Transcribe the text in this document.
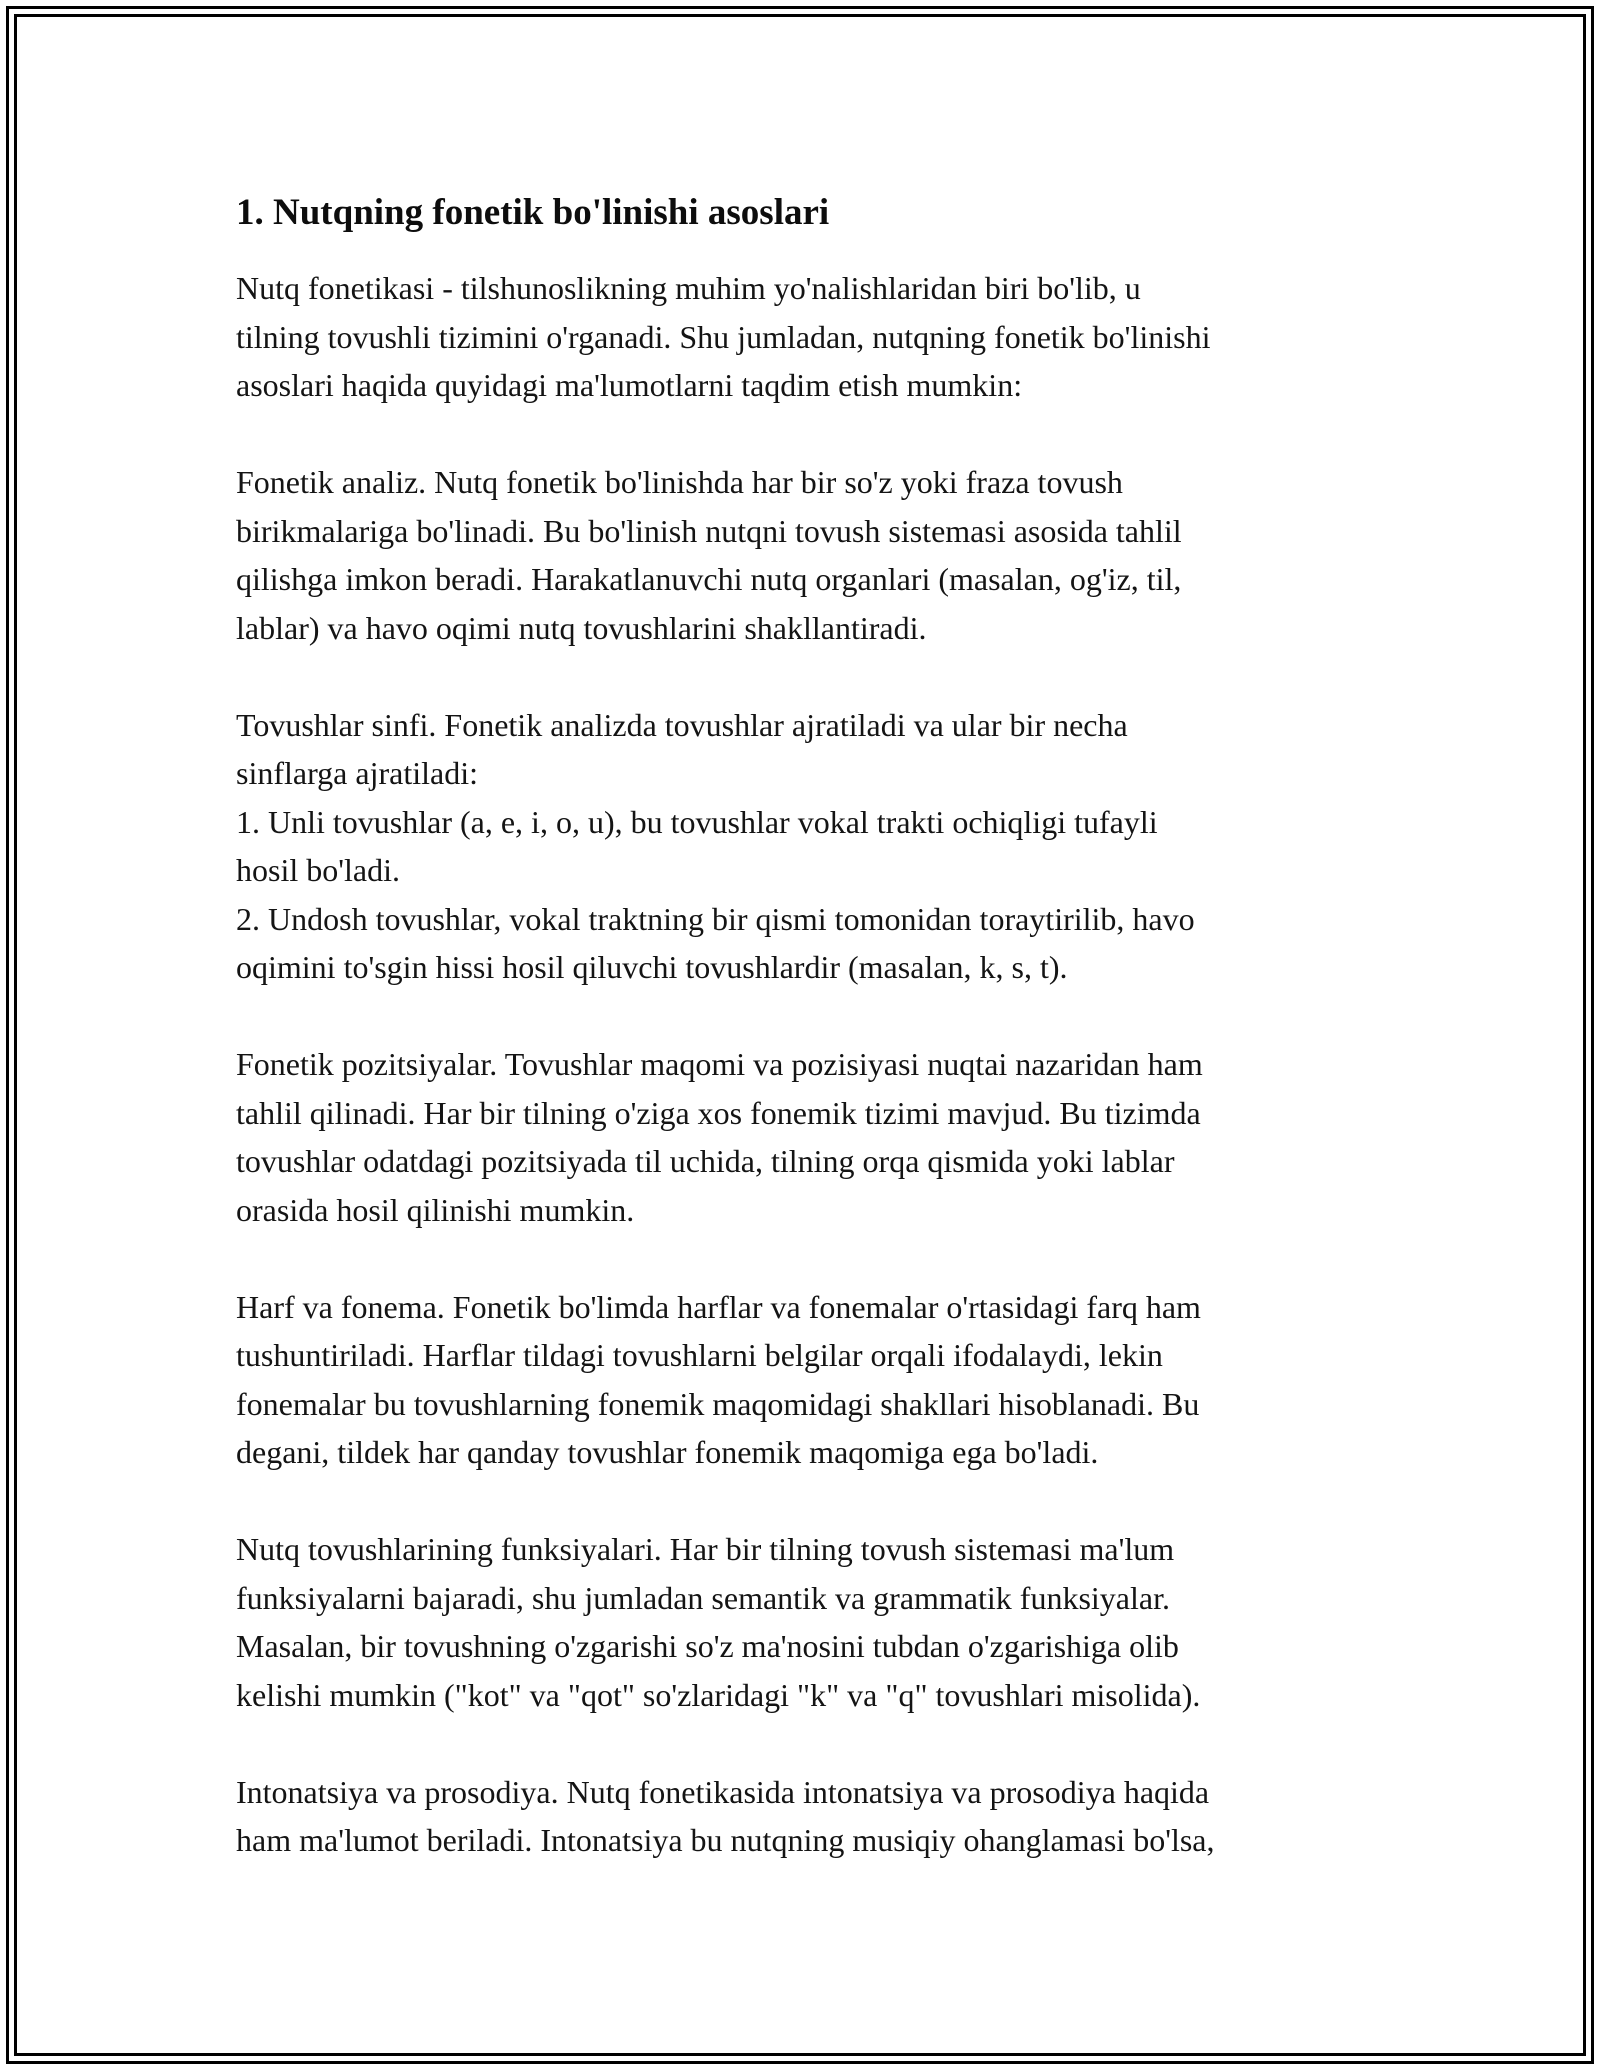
1. Nutqning fonetik bo'linishi asoslari

Nutq fonetikasi - tilshunoslikning muhim yo'nalishlaridan biri bo'lib, u
tilning tovushli tizimini o'rganadi. Shu jumladan, nutqning fonetik bo'linishi
asoslari haqida quyidagi ma'lumotlarni taqdim etish mumkin:

Fonetik analiz. Nutq fonetik bo'linishda har bir so'z yoki fraza tovush
birikmalariga bo'linadi. Bu bo'linish nutqni tovush sistemasi asosida tahlil
qilishga imkon beradi. Harakatlanuvchi nutq organlari (masalan, og'iz, til,
lablar) va havo oqimi nutq tovushlarini shakllantiradi.

Tovushlar sinfi. Fonetik analizda tovushlar ajratiladi va ular bir necha
sinflarga ajratiladi:
1. Unli tovushlar (a, e, i, o, u), bu tovushlar vokal trakti ochiqligi tufayli
hosil bo'ladi.
2. Undosh tovushlar, vokal traktning bir qismi tomonidan toraytirilib, havo
oqimini to'sgin hissi hosil qiluvchi tovushlardir (masalan, k, s, t).

Fonetik pozitsiyalar. Tovushlar maqomi va pozisiyasi nuqtai nazaridan ham
tahlil qilinadi. Har bir tilning o'ziga xos fonemik tizimi mavjud. Bu tizimda
tovushlar odatdagi pozitsiyada til uchida, tilning orqa qismida yoki lablar
orasida hosil qilinishi mumkin.

Harf va fonema. Fonetik bo'limda harflar va fonemalar o'rtasidagi farq ham
tushuntiriladi. Harflar tildagi tovushlarni belgilar orqali ifodalaydi, lekin
fonemalar bu tovushlarning fonemik maqomidagi shakllari hisoblanadi. Bu
degani, tildek har qanday tovushlar fonemik maqomiga ega bo'ladi.

Nutq tovushlarining funksiyalari. Har bir tilning tovush sistemasi ma'lum
funksiyalarni bajaradi, shu jumladan semantik va grammatik funksiyalar.
Masalan, bir tovushning o'zgarishi so'z ma'nosini tubdan o'zgarishiga olib
kelishi mumkin ("kot" va "qot" so'zlaridagi "k" va "q" tovushlari misolida).

Intonatsiya va prosodiya. Nutq fonetikasida intonatsiya va prosodiya haqida
ham ma'lumot beriladi. Intonatsiya bu nutqning musiqiy ohanglamasi bo'lsa,
